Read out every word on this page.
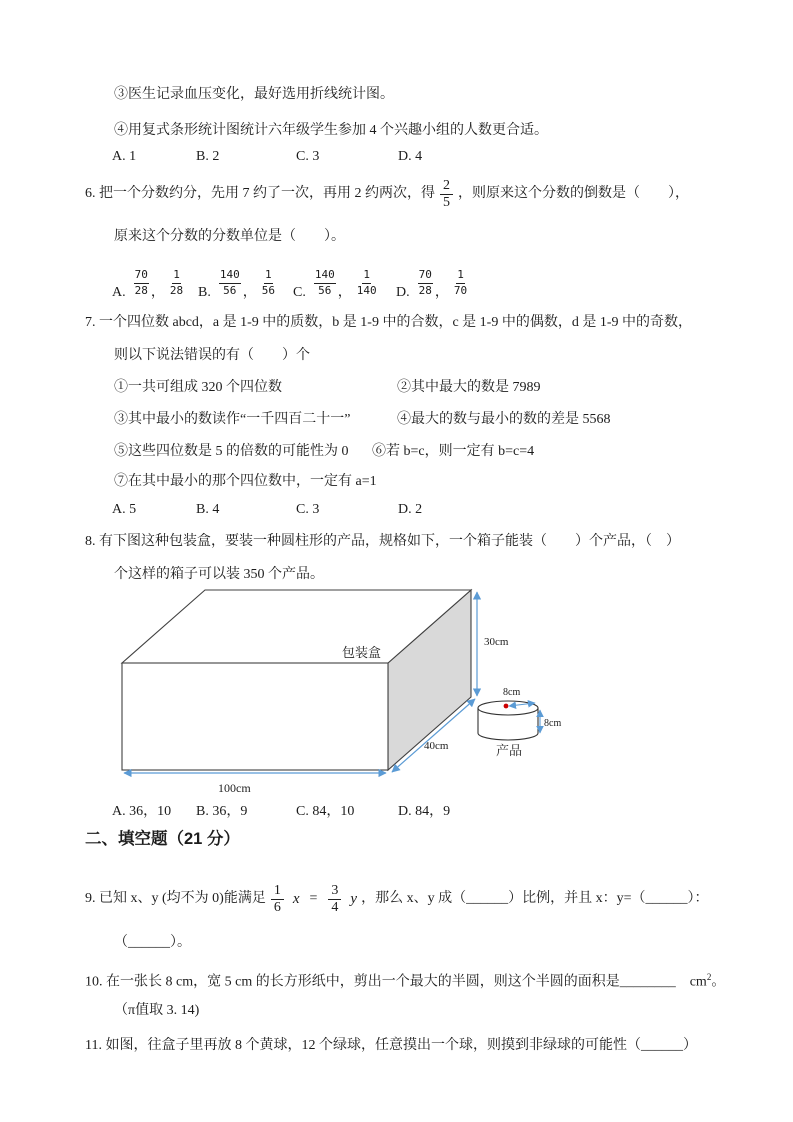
③医生记录血压变化，最好选用折线统计图。
④用复式条形统计图统计六年级学生参加 4 个兴趣小组的人数更合适。
A. 1	B. 2	C. 3	D. 4
6. 把一个分数约分，先用 7 约了一次，再用 2 约两次，得 $\frac{2}{5}$ ，则原来这个分数的倒数是（　　），
原来这个分数的分数单位是（　　）。
A. $\frac{70}{28}$ ， $\frac{1}{28} B$. $\frac{140}{56}$ ， $\frac{1}{56} C$. $\frac{140}{56}$ ， $\frac{1}{140} D$. $\frac{70}{28}$ ， $\frac{1}{70}$
7. 一个四位数 abcd，a 是 1-9 中的质数，b 是 1-9 中的合数，c 是 1-9 中的偶数，d 是 1-9 中的奇数，
则以下说法错误的有（　　）个
①一共可组成 320 个四位数	②其中最大的数是 7989
③其中最小的数读作“一千四百二十一”	④最大的数与最小的数的差是 5568
⑤这些四位数是 5 的倍数的可能性为 0 ⑥若 b=c，则一定有 b=c=4
⑦在其中最小的那个四位数中，一定有 a=1
A. 5	B. 4	C. 3	D. 2
8. 有下图这种包装盒，要装一种圆柱形的产品，规格如下，一个箱子能装（　　）个产品，（　）
个这样的箱子可以装 350 个产品。
包装盒
30cm
40cm
100cm
8cm
8cm
产品
A. 36，10 B. 36，9	C. 84，10	D. 84，9
二、填空题（21 分）
9. 已知 x、y (均不为 0)能满足 $\frac{1}{6}$ $x = \frac{3}{4}$ y ，那么 x、y 成（______）比例，并且 x：y=（______）：
（______）。
10. 在一张长 8 cm，宽 5 cm 的长方形纸中，剪出一个最大的半圆，则这个半圆的面积是________　$cm^2$。
（π值取 3. 14)
11. 如图，往盒子里再放 8 个黄球，12 个绿球，任意摸出一个球，则摸到非绿球的可能性（______）
